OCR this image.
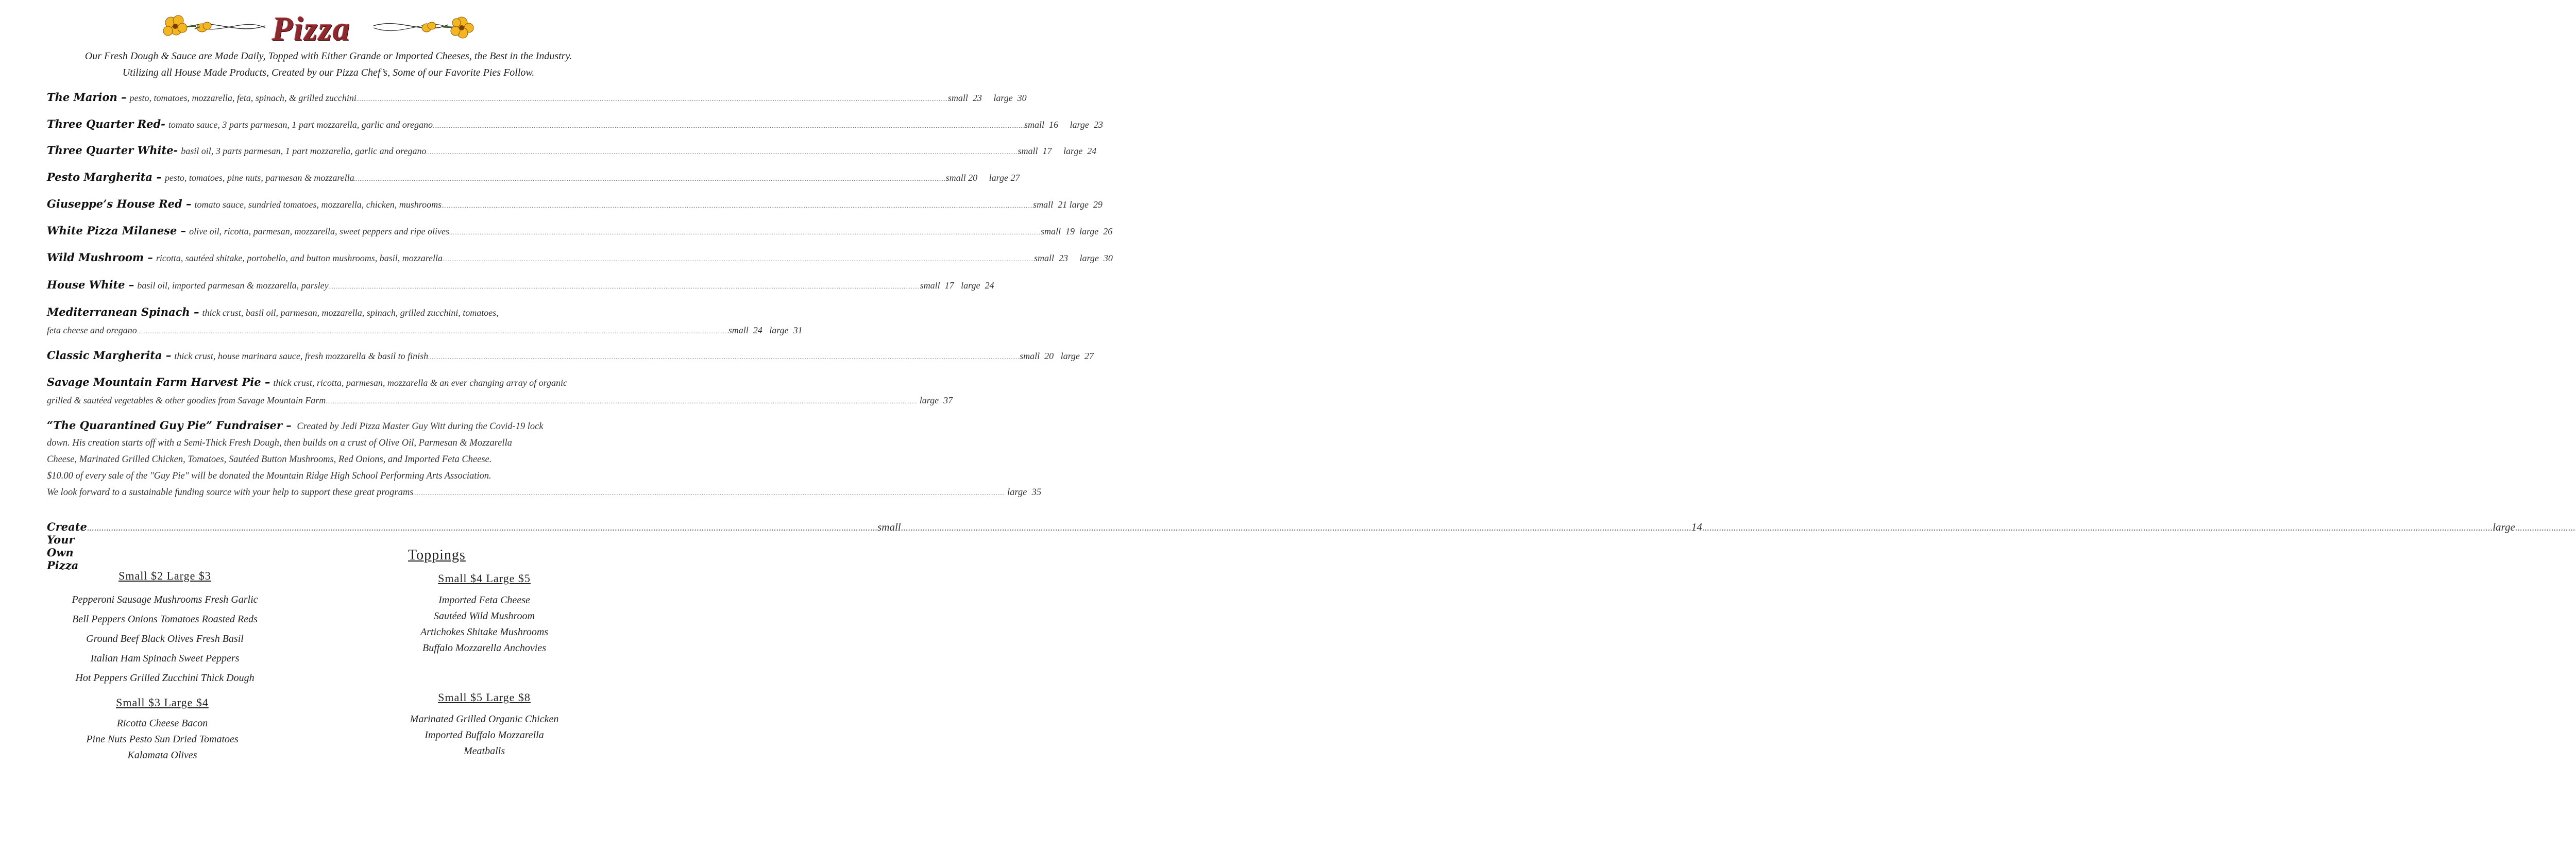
Pizza
Our Fresh Dough & Sauce are Made Daily, Topped with Either Grande or Imported Cheeses, the Best in the Industry.
Utilizing all House Made Products, Created by our Pizza Chef’s, Some of our Favorite Pies Follow.
The Marion – pesto, tomatoes, mozzarella, feta, spinach, & grilled zucchini .....	small  23     large  30
Three Quarter Red- tomato sauce, 3 parts parmesan, 1 part mozzarella, garlic and oregano .....	small  16     large  23
Three Quarter White- basil oil, 3 parts parmesan, 1 part mozzarella, garlic and oregano .....	small  17     large  24
Pesto Margherita – pesto, tomatoes, pine nuts, parmesan & mozzarella .....	small 20     large 27
Giuseppe’s House Red – tomato sauce, sundried tomatoes, mozzarella, chicken, mushrooms .....	small  21 large  29
White Pizza Milanese – olive oil, ricotta, parmesan, mozzarella, sweet peppers and ripe olives .....	small  19  large  26
Wild Mushroom – ricotta, sautéed shitake, portobello, and button mushrooms, basil, mozzarella .....	small  23     large  30
House White – basil oil, imported parmesan & mozzarella, parsley .....	small  17   large  24
Mediterranean Spinach – thick crust, basil oil, parmesan, mozzarella, spinach, grilled zucchini, tomatoes,
feta cheese and oregano .....	small  24   large  31
Classic Margherita – thick crust, house marinara sauce, fresh mozzarella & basil to finish .....	small  20   large  27
Savage Mountain Farm Harvest Pie – thick crust, ricotta, parmesan, mozzarella & an ever changing array of organic
grilled & sautéed vegetables & other goodies from Savage Mountain Farm .....	large  37
“The Quarantined Guy Pie” Fundraiser – Created by Jedi Pizza Master Guy Witt during the Covid-19 lock
down. His creation starts off with a Semi-Thick Fresh Dough, then builds on a crust of Olive Oil, Parmesan & Mozzarella
Cheese, Marinated Grilled Chicken, Tomatoes, Sautéed Button Mushrooms, Red Onions, and Imported Feta Cheese.
$10.00 of every sale of the "Guy Pie" will be donated the Mountain Ridge High School Performing Arts Association.
We look forward to a sustainable funding source with your help to support these great programs .....	large  35
Create Your Own Pizza
.....
small .....	14 .....	large
.....
Toppings
Small $2 Large $3
Pepperoni Sausage Mushrooms Fresh Garlic
Bell Peppers Onions Tomatoes Roasted Reds
Ground Beef Black Olives Fresh Basil
Italian Ham Spinach Sweet Peppers
Hot Peppers Grilled Zucchini Thick Dough
Small $3 Large $4
Ricotta Cheese Bacon
Pine Nuts Pesto Sun Dried Tomatoes
Kalamata Olives
Small $4 Large $5
Imported Feta Cheese
Sautéed Wild Mushroom
Artichokes Shitake Mushrooms
Buffalo Mozzarella Anchovies
Small $5 Large $8
Marinated Grilled Organic Chicken
Imported Buffalo Mozzarella
Meatballs
